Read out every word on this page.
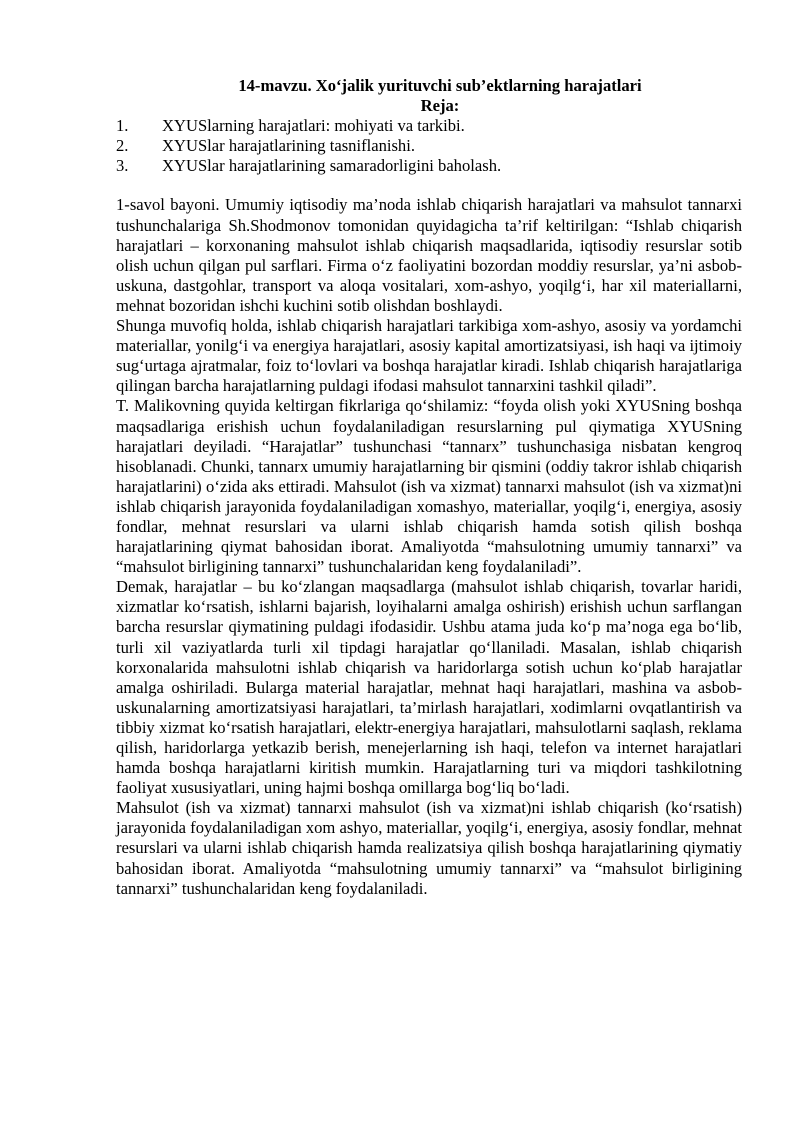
14-mavzu. Xo‘jalik yurituvchi sub’ektlarning harajatlari
Reja:
1.	XYUSlarning harajatlari: mohiyati va tarkibi.
2.	XYUSlar harajatlarining tasniflanishi.
3.	XYUSlar harajatlarining samaradorligini baholash.

1-savol bayoni. Umumiy iqtisodiy ma’noda ishlab chiqarish harajatlari va mahsulot tannarxi tushunchalariga Sh.Shodmonov tomonidan quyidagicha ta’rif keltirilgan: “Ishlab chiqarish harajatlari – korxonaning mahsulot ishlab chiqarish maqsadlarida, iqtisodiy resurslar sotib olish uchun qilgan pul sarflari. Firma o‘z faoliyatini bozordan moddiy resurslar, ya’ni asbob-uskuna, dastgohlar, transport va aloqa vositalari, xom-ashyo, yoqilg‘i, har xil materiallarni, mehnat bozoridan ishchi kuchini sotib olishdan boshlaydi.

Shunga muvofiq holda, ishlab chiqarish harajatlari tarkibiga xom-ashyo, asosiy va yordamchi materiallar, yonilg‘i va energiya harajatlari, asosiy kapital amortizatsiyasi, ish haqi va ijtimoiy sug‘urtaga ajratmalar, foiz to‘lovlari va boshqa harajatlar kiradi. Ishlab chiqarish harajatlariga qilingan barcha harajatlarning puldagi ifodasi mahsulot tannarxini tashkil qiladi”.

T. Malikovning quyida keltirgan fikrlariga qo‘shilamiz: “foyda olish yoki XYUSning boshqa maqsadlariga erishish uchun foydalaniladigan resurslarning pul qiymatiga XYUSning harajatlari deyiladi. “Harajatlar” tushunchasi “tannarx” tushunchasiga nisbatan kengroq hisoblanadi. Chunki, tannarx umumiy harajatlarning bir qismini (oddiy takror ishlab chiqarish harajatlarini) o‘zida aks ettiradi. Mahsulot (ish va xizmat) tannarxi mahsulot (ish va xizmat)ni ishlab chiqarish jarayonida foydalaniladigan xomashyo, materiallar, yoqilg‘i, energiya, asosiy fondlar, mehnat resurslari va ularni ishlab chiqarish hamda sotish qilish boshqa harajatlarining qiymat bahosidan iborat. Amaliyotda “mahsulotning umumiy tannarxi” va “mahsulot birligining tannarxi” tushunchalaridan keng foydalaniladi”.

Demak, harajatlar – bu ko‘zlangan maqsadlarga (mahsulot ishlab chiqarish, tovarlar haridi, xizmatlar ko‘rsatish, ishlarni bajarish, loyihalarni amalga oshirish) erishish uchun sarflangan barcha resurslar qiymatining puldagi ifodasidir. Ushbu atama juda ko‘p ma’noga ega bo‘lib, turli xil vaziyatlarda turli xil tipdagi harajatlar qo‘llaniladi. Masalan, ishlab chiqarish korxonalarida mahsulotni ishlab chiqarish va haridorlarga sotish uchun ko‘plab harajatlar amalga oshiriladi. Bularga material harajatlar, mehnat haqi harajatlari, mashina va asbob-uskunalarning amortizatsiyasi harajatlari, ta’mirlash harajatlari, xodimlarni ovqatlantirish va tibbiy xizmat ko‘rsatish harajatlari, elektr-energiya harajatlari, mahsulotlarni saqlash, reklama qilish, haridorlarga yetkazib berish, menejerlarning ish haqi, telefon va internet harajatlari hamda boshqa harajatlarni kiritish mumkin. Harajatlarning turi va miqdori tashkilotning faoliyat xususiyatlari, uning hajmi boshqa omillarga bog‘liq bo‘ladi.

Mahsulot (ish va xizmat) tannarxi mahsulot (ish va xizmat)ni ishlab chiqarish (ko‘rsatish) jarayonida foydalaniladigan xom ashyo, materiallar, yoqilg‘i, energiya, asosiy fondlar, mehnat resurslari va ularni ishlab chiqarish hamda realizatsiya qilish boshqa harajatlarining qiymatiy bahosidan iborat. Amaliyotda “mahsulotning umumiy tannarxi” va “mahsulot birligining tannarxi” tushunchalaridan keng foydalaniladi.
